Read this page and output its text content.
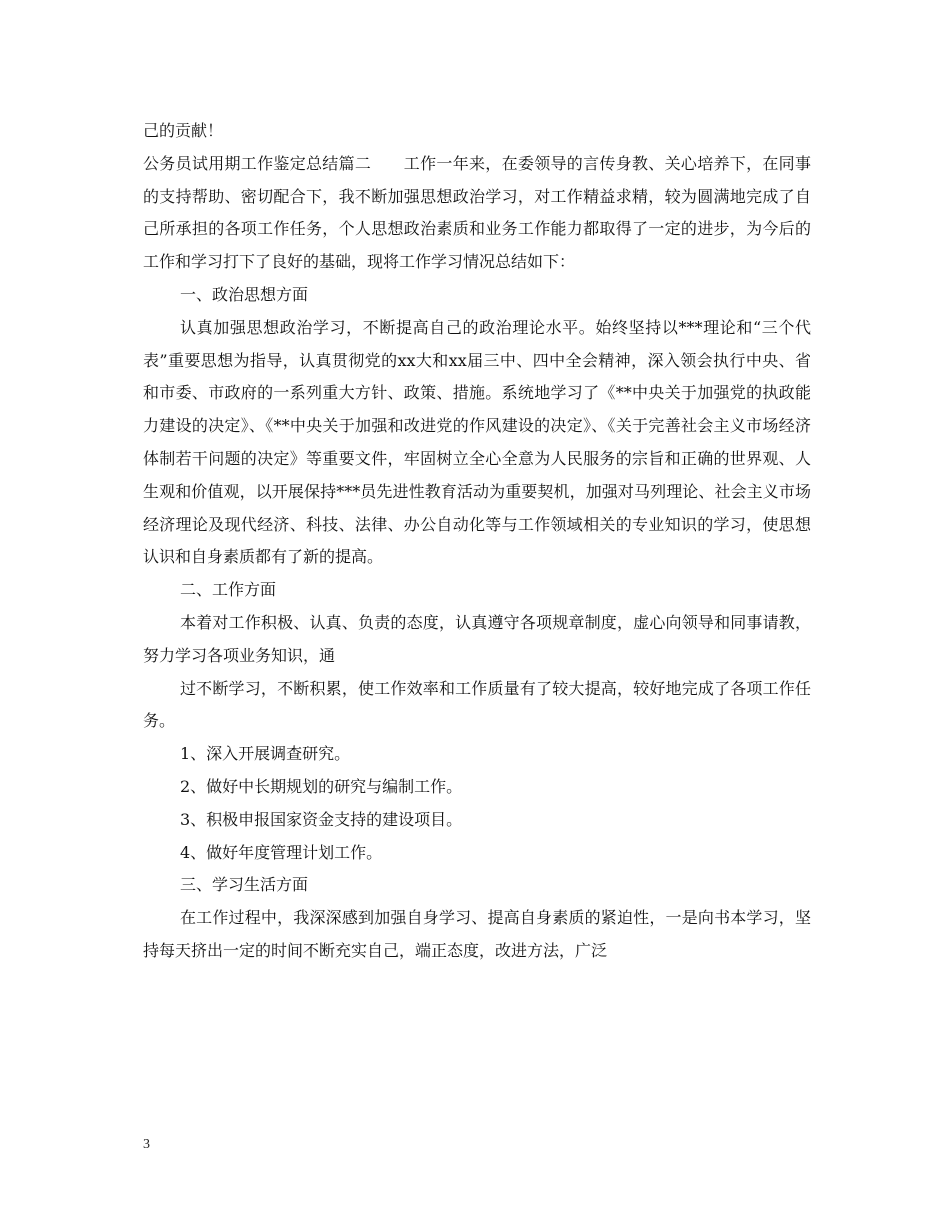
己的贡献！

公务员试用期工作鉴定总结篇二　　工作一年来，在委领导的言传身教、关心培养下，在同事的支持帮助、密切配合下，我不断加强思想政治学习，对工作精益求精，较为圆满地完成了自己所承担的各项工作任务，个人思想政治素质和业务工作能力都取得了一定的进步，为今后的工作和学习打下了良好的基础，现将工作学习情况总结如下：

一、政治思想方面

认真加强思想政治学习，不断提高自己的政治理论水平。始终坚持以***理论和“三个代表”重要思想为指导，认真贯彻党的xx大和xx届三中、四中全会精神，深入领会执行中央、省和市委、市政府的一系列重大方针、政策、措施。系统地学习了《**中央关于加强党的执政能力建设的决定》、《**中央关于加强和改进党的作风建设的决定》、《关于完善社会主义市场经济体制若干问题的决定》等重要文件，牢固树立全心全意为人民服务的宗旨和正确的世界观、人生观和价值观，以开展保持***员先进性教育活动为重要契机，加强对马列理论、社会主义市场经济理论及现代经济、科技、法律、办公自动化等与工作领域相关的专业知识的学习，使思想认识和自身素质都有了新的提高。

二、工作方面

本着对工作积极、认真、负责的态度，认真遵守各项规章制度，虚心向领导和同事请教，努力学习各项业务知识，通

过不断学习，不断积累，使工作效率和工作质量有了较大提高，较好地完成了各项工作任务。

1、深入开展调查研究。

2、做好中长期规划的研究与编制工作。

3、积极申报国家资金支持的建设项目。

4、做好年度管理计划工作。

三、学习生活方面

在工作过程中，我深深感到加强自身学习、提高自身素质的紧迫性，一是向书本学习，坚持每天挤出一定的时间不断充实自己，端正态度，改进方法，广泛

3
